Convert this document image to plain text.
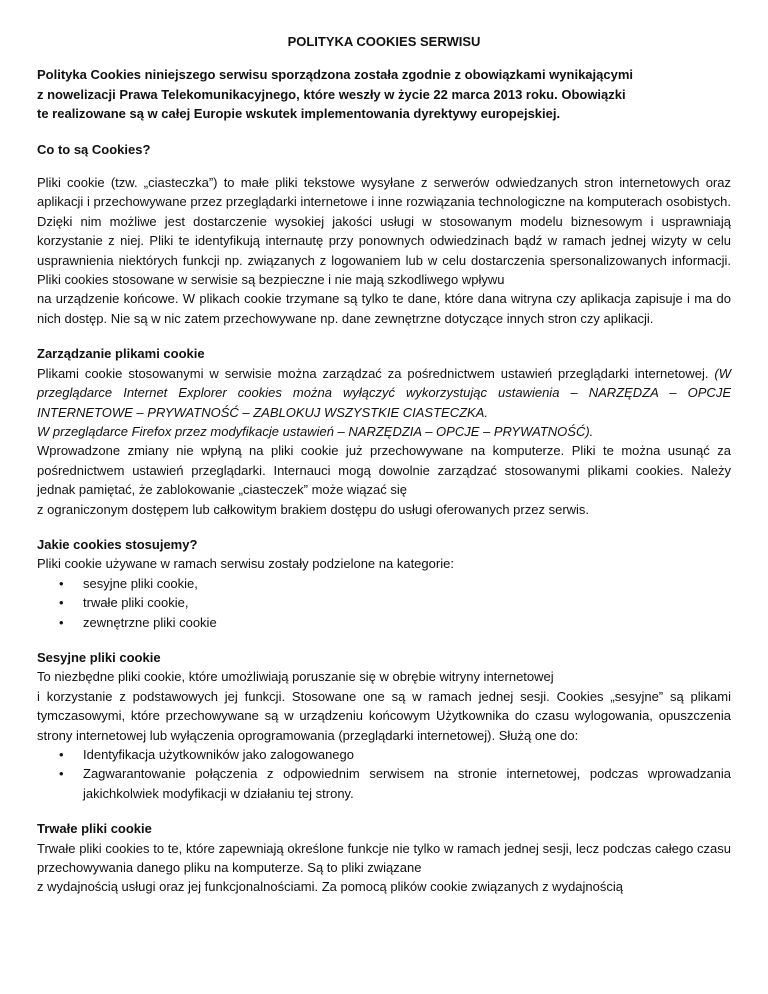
POLITYKA COOKIES SERWISU
Polityka Cookies niniejszego serwisu sporządzona została zgodnie z obowiązkami wynikającymi
z nowelizacji Prawa Telekomunikacyjnego, które weszły w życie 22 marca 2013 roku. Obowiązki
te realizowane są w całej Europie wskutek implementowania dyrektywy europejskiej.
Co to są Cookies?

Pliki cookie (tzw. „ciasteczka”) to małe pliki tekstowe wysyłane z serwerów odwiedzanych stron internetowych oraz aplikacji i przechowywane przez przeglądarki internetowe i inne rozwiązania technologiczne na komputerach osobistych. Dzięki nim możliwe jest dostarczenie wysokiej jakości usługi w stosowanym modelu biznesowym i usprawniają korzystanie z niej. Pliki te identyfikują internautę przy ponownych odwiedzinach bądź w ramach jednej wizyty w celu usprawnienia niektórych funkcji np. związanych z logowaniem lub w celu dostarczenia spersonalizowanych informacji. Pliki cookies stosowane w serwisie są bezpieczne i nie mają szkodliwego wpływu

na urządzenie końcowe. W plikach cookie trzymane są tylko te dane, które dana witryna czy aplikacja zapisuje i ma do nich dostęp. Nie są w nic zatem przechowywane np. dane zewnętrzne dotyczące innych stron czy aplikacji.

Zarządzanie plikami cookie

Plikami cookie stosowanymi w serwisie można zarządzać za pośrednictwem ustawień przeglądarki internetowej. (W przeglądarce Internet Explorer cookies można wyłączyć wykorzystując ustawienia – NARZĘDZA – OPCJE INTERNETOWE – PRYWATNOŚĆ – ZABLOKUJ WSZYSTKIE CIASTECZKA.

W przeglądarce Firefox przez modyfikacje ustawień – NARZĘDZIA – OPCJE – PRYWATNOŚĆ).

Wprowadzone zmiany nie wpłyną na pliki cookie już przechowywane na komputerze. Pliki te można usunąć za pośrednictwem ustawień przeglądarki. Internauci mogą dowolnie zarządzać stosowanymi plikami cookies. Należy jednak pamiętać, że zablokowanie „ciasteczek” może wiązać się

z ograniczonym dostępem lub całkowitym brakiem dostępu do usługi oferowanych przez serwis.

Jakie cookies stosujemy?

Pliki cookie używane w ramach serwisu zostały podzielone na kategorie:

• sesyjne pliki cookie,
• trwałe pliki cookie,
• zewnętrzne pliki cookie
Sesyjne pliki cookie

To niezbędne pliki cookie, które umożliwiają poruszanie się w obrębie witryny internetowej

i korzystanie z podstawowych jej funkcji. Stosowane one są w ramach jednej sesji. Cookies „sesyjne” są plikami tymczasowymi, które przechowywane są w urządzeniu końcowym Użytkownika do czasu wylogowania, opuszczenia strony internetowej lub wyłączenia oprogramowania (przeglądarki internetowej). Służą one do:

• Identyfikacja użytkowników jako zalogowanego
• Zagwarantowanie połączenia z odpowiednim serwisem na stronie internetowej, podczas wprowadzania jakichkolwiek modyfikacji w działaniu tej strony.
Trwałe pliki cookie

Trwałe pliki cookies to te, które zapewniają określone funkcje nie tylko w ramach jednej sesji, lecz podczas całego czasu przechowywania danego pliku na komputerze. Są to pliki związane

z wydajnością usługi oraz jej funkcjonalnościami. Za pomocą plików cookie związanych z wydajnością
